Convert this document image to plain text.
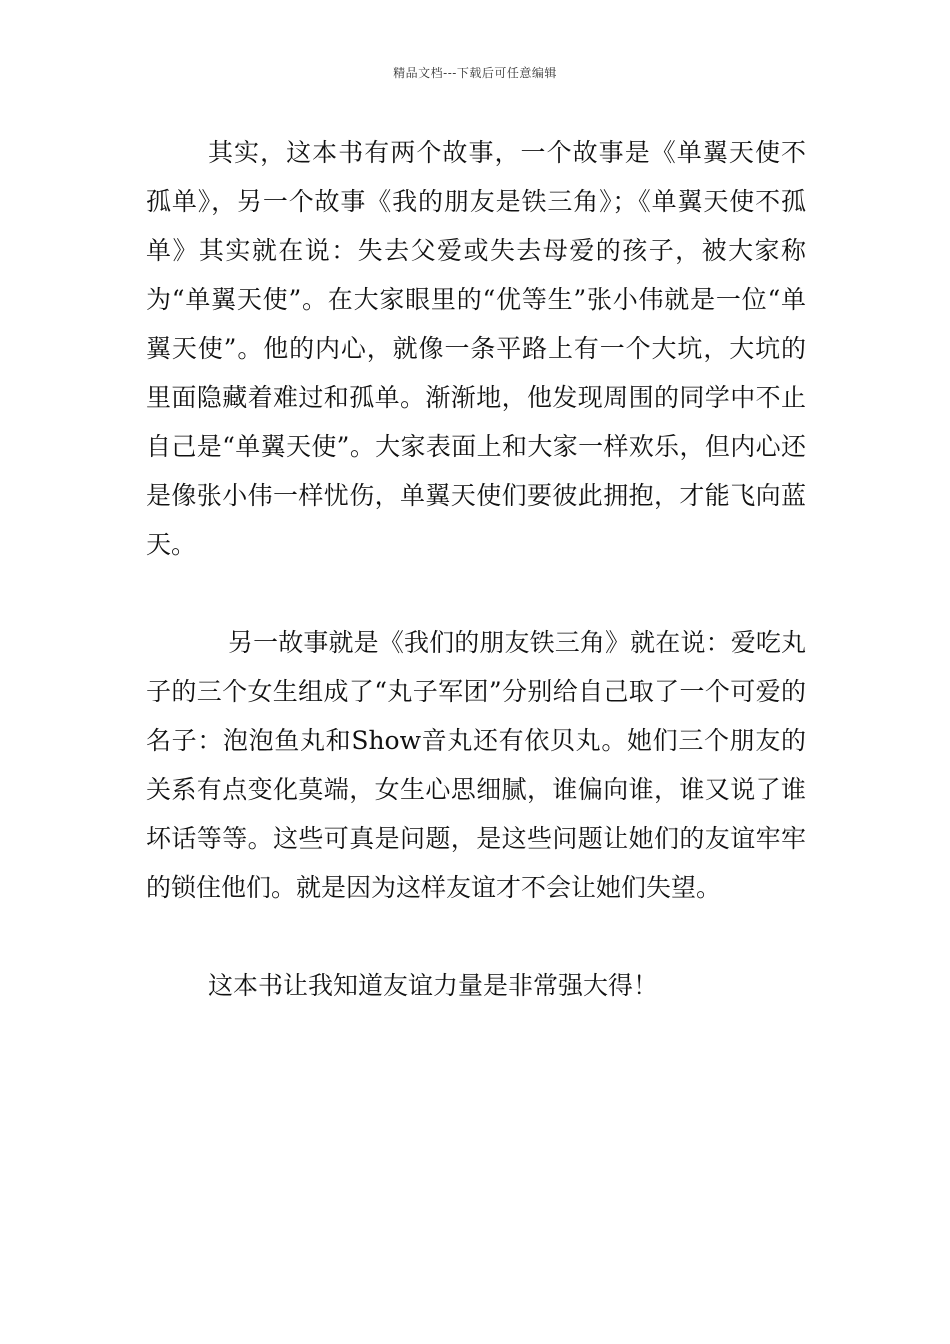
精品文档---下载后可任意编辑

其实，这本书有两个故事，一个故事是《单翼天使不孤单》，另一个故事《我的朋友是铁三角》；《单翼天使不孤单》其实就在说：失去父爱或失去母爱的孩子，被大家称为“单翼天使”。在大家眼里的“优等生”张小伟就是一位“单翼天使”。他的内心，就像一条平路上有一个大坑，大坑的里面隐藏着难过和孤单。渐渐地，他发现周围的同学中不止自己是“单翼天使”。大家表面上和大家一样欢乐，但内心还是像张小伟一样忧伤，单翼天使们要彼此拥抱，才能飞向蓝天。

另一故事就是《我们的朋友铁三角》就在说：爱吃丸子的三个女生组成了“丸子军团”分别给自己取了一个可爱的名子：泡泡鱼丸和Show音丸还有依贝丸。她们三个朋友的关系有点变化莫端，女生心思细腻，谁偏向谁，谁又说了谁坏话等等。这些可真是问题，是这些问题让她们的友谊牢牢的锁住他们。就是因为这样友谊才不会让她们失望。

这本书让我知道友谊力量是非常强大得！
